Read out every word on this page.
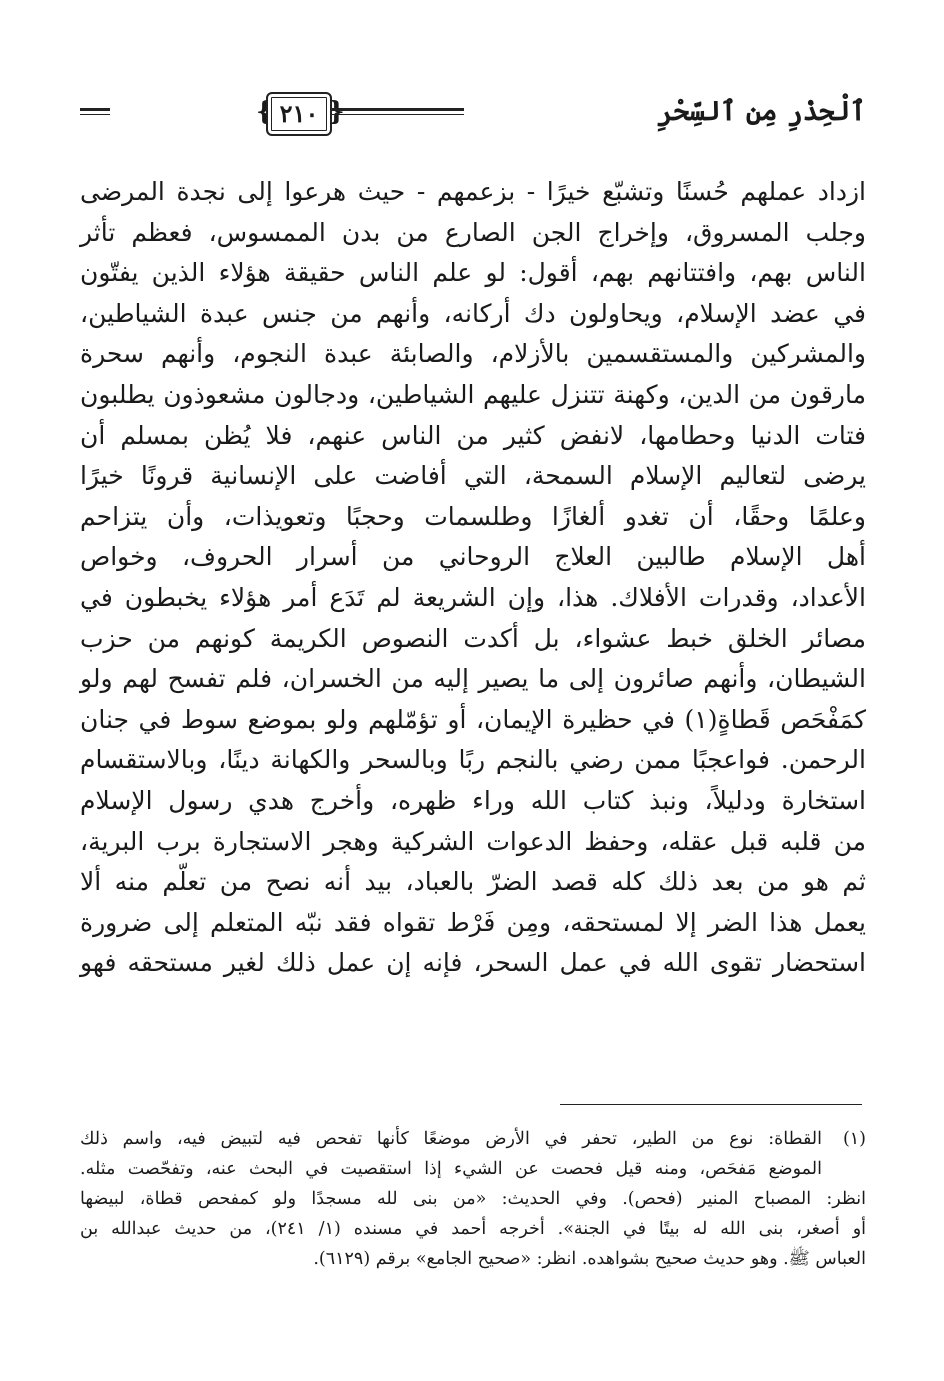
{ ٢١٠ }	ٱلْحِذْرِ مِن ٱلسِّحْرِ
ازداد عملهم حُسنًا وتشبّع خيرًا - بزعمهم - حيث هرعوا إلى نجدة المرضى
وجلب المسروق، وإخراج الجن الصارع من بدن الممسوس، فعظم تأثر
الناس بهم، وافتتانهم بهم، أقول: لو علم الناس حقيقة هؤلاء الذين يفتّون
في عضد الإسلام، ويحاولون دك أركانه، وأنهم من جنس عبدة الشياطين،
والمشركين والمستقسمين بالأزلام، والصابئة عبدة النجوم، وأنهم سحرة
مارقون من الدين، وكهنة تتنزل عليهم الشياطين، ودجالون مشعوذون يطلبون
فتات الدنيا وحطامها، لانفض كثير من الناس عنهم، فلا يُظن بمسلم أن
يرضى لتعاليم الإسلام السمحة، التي أفاضت على الإنسانية قرونًا خيرًا
وعلمًا وحقًا، أن تغدو ألغازًا وطلسمات وحجبًا وتعويذات، وأن يتزاحم
أهل الإسلام طالبين العلاج الروحاني من أسرار الحروف، وخواص
الأعداد، وقدرات الأفلاك. هذا، وإن الشريعة لم تَدَع أمر هؤلاء يخبطون في
مصائر الخلق خبط عشواء، بل أكدت النصوص الكريمة كونهم من حزب
الشيطان، وأنهم صائرون إلى ما يصير إليه من الخسران، فلم تفسح لهم ولو
كمَفْحَص قَطاةٍ(١) في حظيرة الإيمان، أو تؤمّلهم ولو بموضع سوط في جنان
الرحمن. فواعجبًا ممن رضي بالنجم ربًا وبالسحر والكهانة دينًا، وبالاستقسام
استخارة ودليلاً، ونبذ كتاب الله وراء ظهره، وأخرج هدي رسول الإسلام
من قلبه قبل عقله، وحفظ الدعوات الشركية وهجر الاستجارة برب البرية،
ثم هو من بعد ذلك كله قصد الضرّ بالعباد، بيد أنه نصح من تعلّم منه ألا
يعمل هذا الضر إلا لمستحقه، ومِن فَرْط تقواه فقد نبّه المتعلم إلى ضرورة
استحضار تقوى الله في عمل السحر، فإنه إن عمل ذلك لغير مستحقه فهو
(١)القطاة: نوع من الطير، تحفر في الأرض موضعًا كأنها تفحص فيه لتبيض فيه، واسم ذلك
الموضع مَفحَص، ومنه قيل فحصت عن الشيء إذا استقصيت في البحث عنه، وتفحّصت مثله.
انظر: المصباح المنير (فحص). وفي الحديث: «من بنى لله مسجدًا ولو كمفحص قطاة، لبيضها
أو أصغر، بنى الله له بيتًا في الجنة». أخرجه أحمد في مسنده (١/ ٢٤١)، من حديث عبدالله بن
العباس ﷺ. وهو حديث صحيح بشواهده. انظر: «صحيح الجامع» برقم (٦١٢٩).
